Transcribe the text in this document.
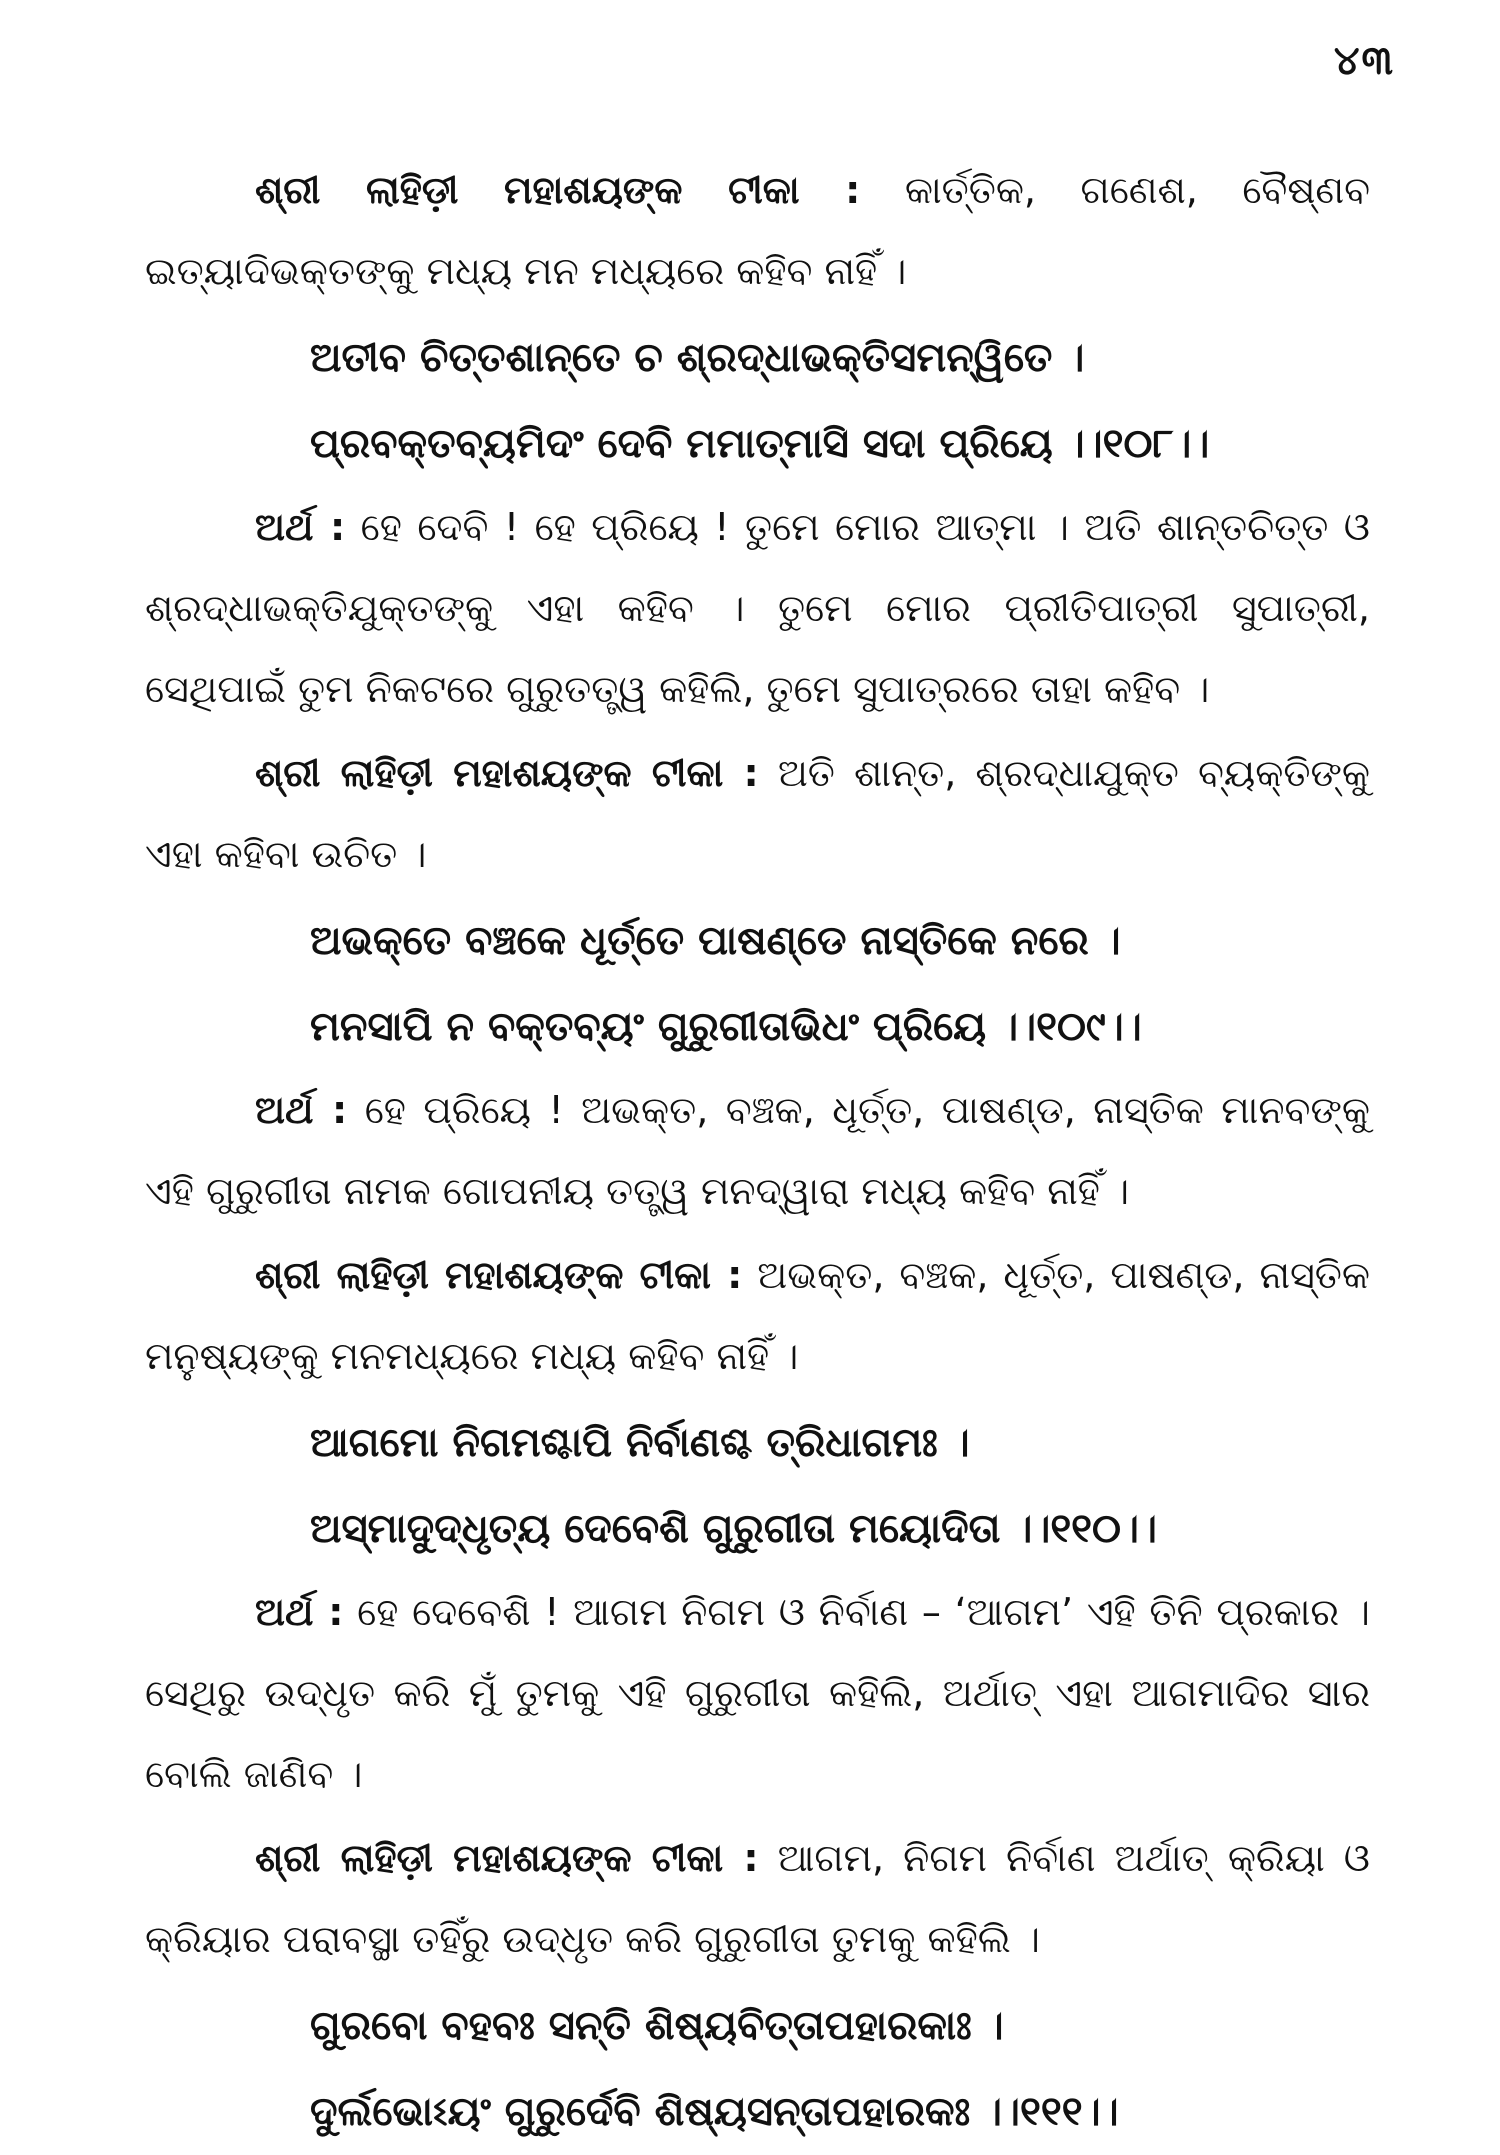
୪୩

ଶ୍ରୀ ଲାହିଡ଼ୀ ମହାଶୟଙ୍କ ଟୀକା : କାର୍ତ୍ତିକ, ଗଣେଶ, ବୈଷ୍ଣବ ଇତ୍ୟାଦିଭକ୍ତଙ୍କୁ ମଧ୍ୟ ମନ ମଧ୍ୟରେ କହିବ ନାହିଁ ।

ଅତୀବ ଚିତ୍ତଶାନ୍ତେ ଚ ଶ୍ରଦ୍ଧାଭକ୍ତିସମନ୍ୱିତେ ।

ପ୍ରବକ୍ତବ୍ୟମିଦଂ ଦେବି ମମାତ୍ମାସି ସଦା ପ୍ରିୟେ ।।୧୦୮।।

ଅର୍ଥ : ହେ ଦେବି ! ହେ ପ୍ରିୟେ ! ତୁମେ ମୋର ଆତ୍ମା । ଅତି ଶାନ୍ତଚିତ୍ତ ଓ ଶ୍ରଦ୍ଧାଭକ୍ତିଯୁକ୍ତଙ୍କୁ ଏହା କହିବ । ତୁମେ ମୋର ପ୍ରୀତିପାତ୍ରୀ ସୁପାତ୍ରୀ, ସେଥିପାଇଁ ତୁମ ନିକଟରେ ଗୁରୁତତ୍ତ୍ୱ କହିଲି, ତୁମେ ସୁପାତ୍ରରେ ତାହା କହିବ ।

ଶ୍ରୀ ଲାହିଡ଼ୀ ମହାଶୟଙ୍କ ଟୀକା : ଅତି ଶାନ୍ତ, ଶ୍ରଦ୍ଧାଯୁକ୍ତ ବ୍ୟକ୍ତିଙ୍କୁ ଏହା କହିବା ଉଚିତ ।

ଅଭକ୍ତେ ବଞ୍ଚକେ ଧୂର୍ତ୍ତେ ପାଷଣ୍ଡେ ନାସ୍ତିକେ ନରେ ।

ମନସାପି ନ ବକ୍ତବ୍ୟଂ ଗୁରୁଗୀତାଭିଧଂ ପ୍ରିୟେ ।।୧୦୯।।

ଅର୍ଥ : ହେ ପ୍ରିୟେ ! ଅଭକ୍ତ, ବଞ୍ଚକ, ଧୂର୍ତ୍ତ, ପାଷଣ୍ଡ, ନାସ୍ତିକ ମାନବଙ୍କୁ ଏହି ଗୁରୁଗୀତା ନାମକ ଗୋପନୀୟ ତତ୍ତ୍ୱ ମନଦ୍ୱାରା ମଧ୍ୟ କହିବ ନାହିଁ ।

ଶ୍ରୀ ଲାହିଡ଼ୀ ମହାଶୟଙ୍କ ଟୀକା : ଅଭକ୍ତ, ବଞ୍ଚକ, ଧୂର୍ତ୍ତ, ପାଷଣ୍ଡ, ନାସ୍ତିକ ମନୁଷ୍ୟଙ୍କୁ ମନମଧ୍ୟରେ ମଧ୍ୟ କହିବ ନାହିଁ ।

ଆଗମୋ ନିଗମଶ୍ଚାପି ନିର୍ବାଣଶ୍ଚ ତ୍ରିଧାଗମଃ ।

ଅସ୍ମାଦୁଦ୍ଧୃତ୍ୟ ଦେବେଶି ଗୁରୁଗୀତା ମୟୋଦିତା ।।୧୧୦।।

ଅର୍ଥ : ହେ ଦେବେଶି ! ଆଗମ ନିଗମ ଓ ନିର୍ବାଣ – ‘ଆଗମ’ ଏହି ତିନି ପ୍ରକାର । ସେଥିରୁ ଉଦ୍ଧୃତ କରି ମୁଁ ତୁମକୁ ଏହି ଗୁରୁଗୀତା କହିଲି, ଅର୍ଥାତ୍ ଏହା ଆଗମାଦିର ସାର ବୋଲି ଜାଣିବ ।

ଶ୍ରୀ ଲାହିଡ଼ୀ ମହାଶୟଙ୍କ ଟୀକା : ଆଗମ, ନିଗମ ନିର୍ବାଣ ଅର୍ଥାତ୍ କ୍ରିୟା ଓ କ୍ରିୟାର ପରାବସ୍ଥା ତହିଁରୁ ଉଦ୍ଧୃତ କରି ଗୁରୁଗୀତା ତୁମକୁ କହିଲି ।

ଗୁରବୋ ବହବଃ ସନ୍ତି ଶିଷ୍ୟବିତ୍ତାପହାରକାଃ ।

ଦୁର୍ଲଭୋଽୟଂ ଗୁରୁର୍ଦେବି ଶିଷ୍ୟସନ୍ତାପହାରକଃ ।।୧୧୧।।
